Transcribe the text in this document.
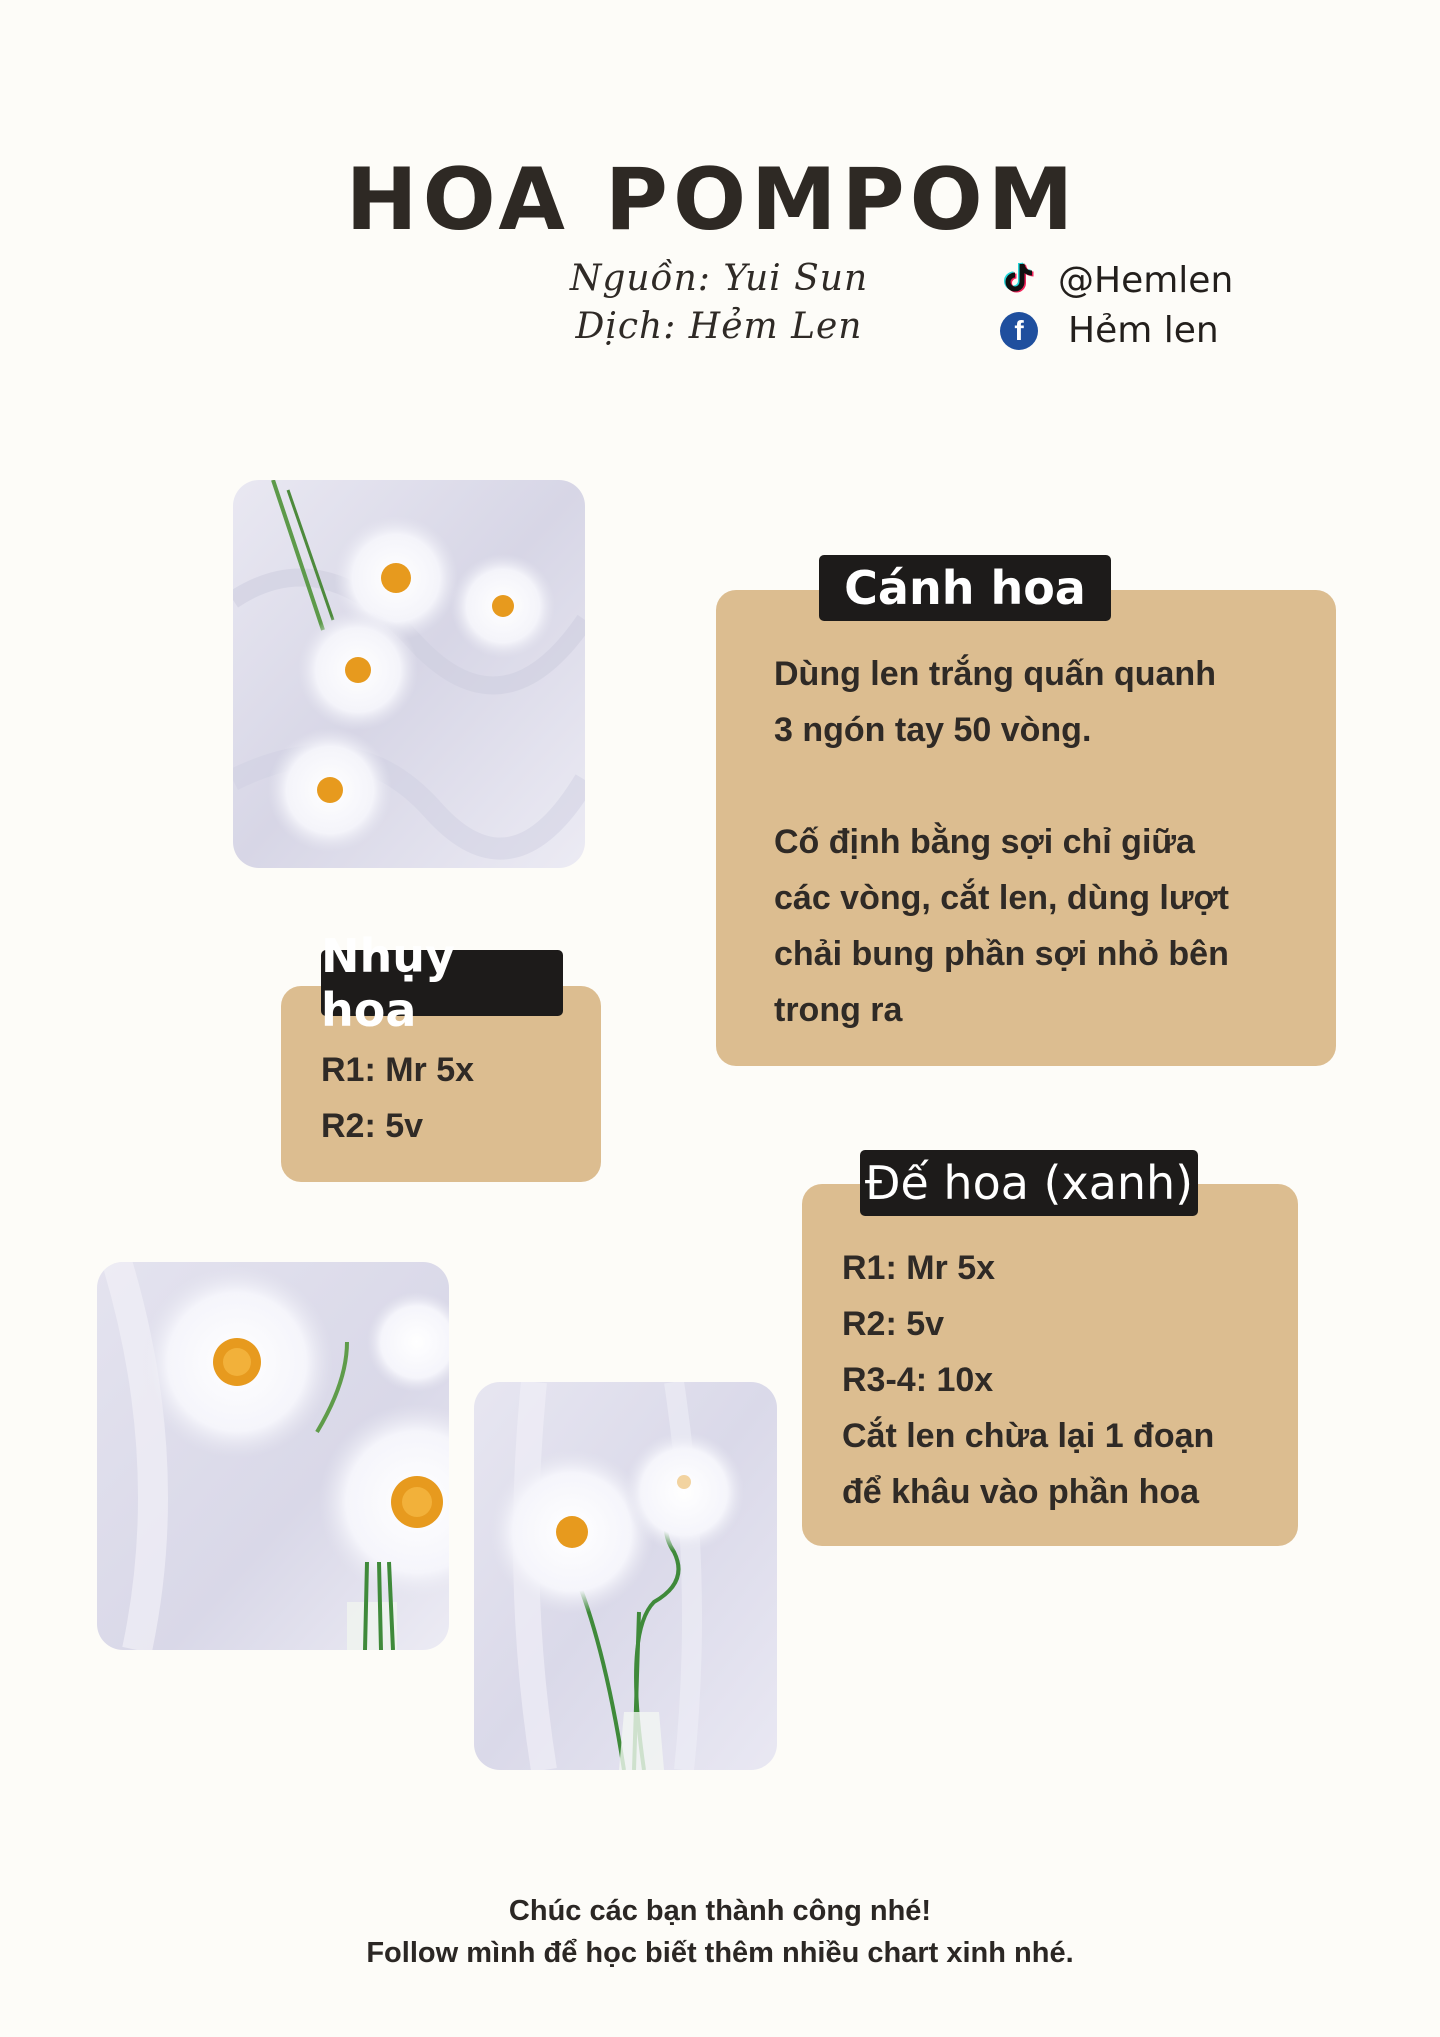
HOA POMPOM
Nguồn: Yui Sun
Dịch: Hẻm Len
@Hemlen
f	Hẻm len
Dùng len trắng quấn quanh
3 ngón tay 50 vòng.
Cố định bằng sợi chỉ giữa
các vòng, cắt len, dùng lượt
chải bung phần sợi nhỏ bên
trong ra
Cánh hoa
R1: Mr 5x
R2: 5v
Nhụy hoa
R1: Mr 5x
R2: 5v
R3-4: 10x
Cắt len chừa lại 1 đoạn
để khâu vào phần hoa
Đế hoa (xanh)
Chúc các bạn thành công nhé!
Follow mình để học biết thêm nhiều chart xinh nhé.
